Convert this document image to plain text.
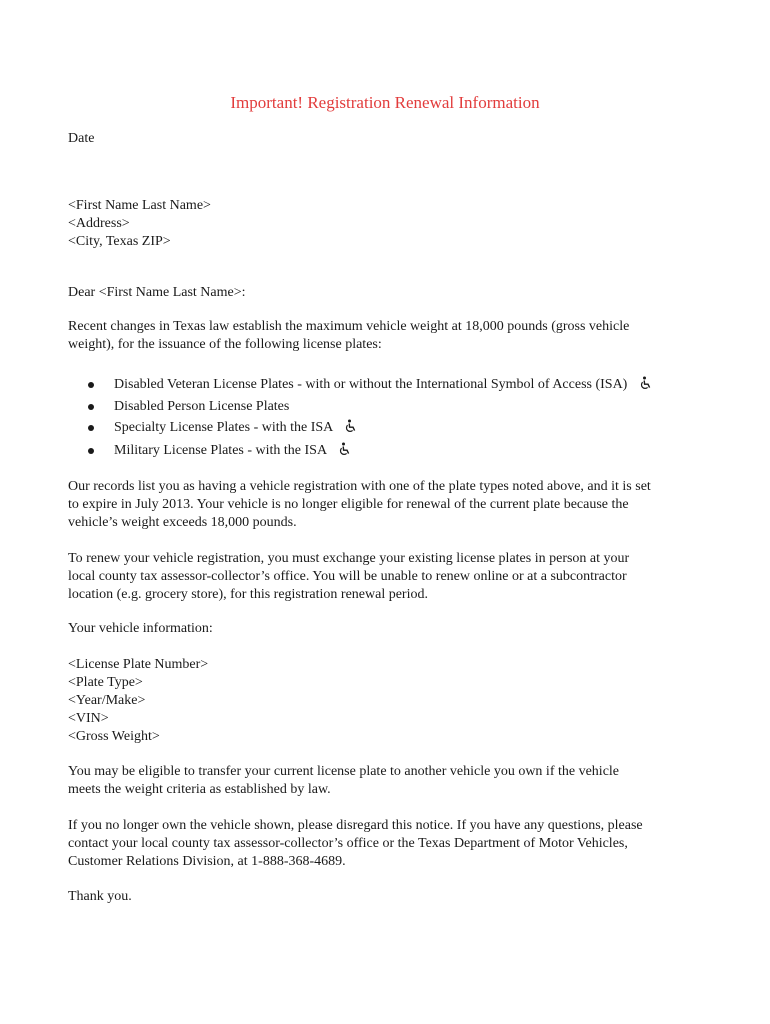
Important! Registration Renewal Information

Date

<First Name Last Name>
<Address>
<City, Texas ZIP>

Dear <First Name Last Name>:

Recent changes in Texas law establish the maximum vehicle weight at 18,000 pounds (gross vehicle
weight), for the issuance of the following license plates:
Disabled Veteran License Plates - with or without the International Symbol of Access (ISA)
Disabled Person License Plates
Specialty License Plates - with the ISA
Military License Plates - with the ISA
Our records list you as having a vehicle registration with one of the plate types noted above, and it is set
to expire in July 2013. Your vehicle is no longer eligible for renewal of the current plate because the
vehicle’s weight exceeds 18,000 pounds.
To renew your vehicle registration, you must exchange your existing license plates in person at your
local county tax assessor-collector’s office. You will be unable to renew online or at a subcontractor
location (e.g. grocery store), for this registration renewal period.

Your vehicle information:

<License Plate Number>
<Plate Type>
<Year/Make>
<VIN>
<Gross Weight>
You may be eligible to transfer your current license plate to another vehicle you own if the vehicle
meets the weight criteria as established by law.
If you no longer own the vehicle shown, please disregard this notice. If you have any questions, please
contact your local county tax assessor-collector’s office or the Texas Department of Motor Vehicles,
Customer Relations Division, at 1-888-368-4689.

Thank you.
